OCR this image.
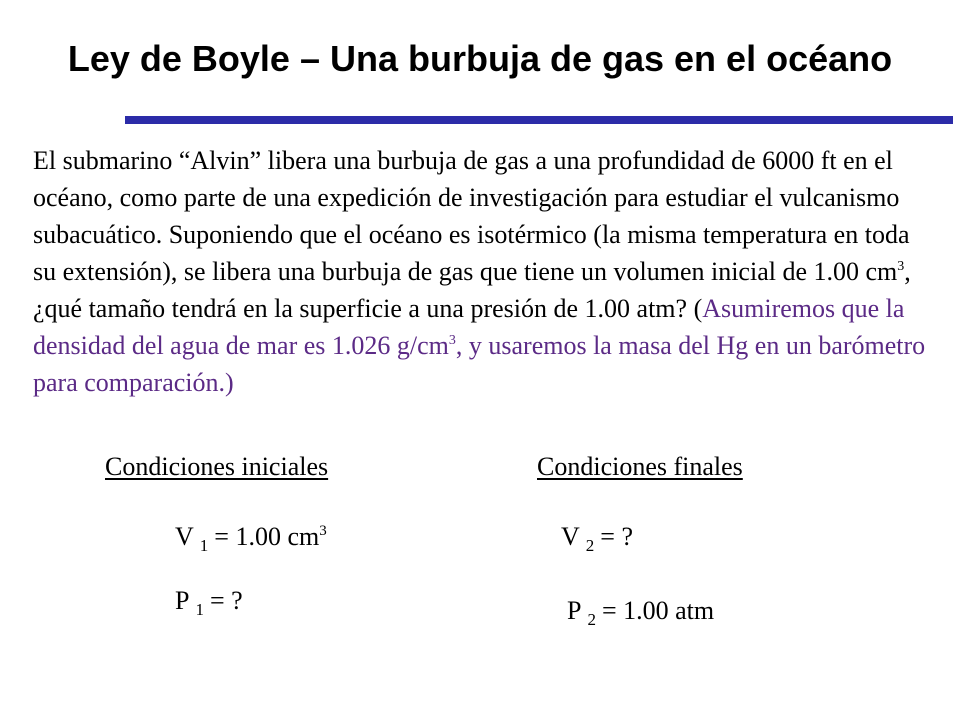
Ley de Boyle – Una burbuja de gas en el océano

El submarino “Alvin” libera una burbuja de gas a una profundidad de 6000 ft en el océano, como parte de una expedición de investigación para estudiar el vulcanismo subacuático. Suponiendo que el océano es isotérmico (la misma temperatura en toda su extensión), se libera una burbuja de gas que tiene un volumen inicial de 1.00 $cm^3$, ¿qué tamaño tendrá en la superficie a una presión de 1.00 atm? (Asumiremos que la densidad del agua de mar es 1.026 $g/cm^3$, y usaremos la masa del Hg en un barómetro para comparación.)

Condiciones iniciales	Condiciones finales
V $_1$ = 1.00 $cm^3$
P $_1$ = ?
V $_2$ = ?
P $_2$ = 1.00 atm
